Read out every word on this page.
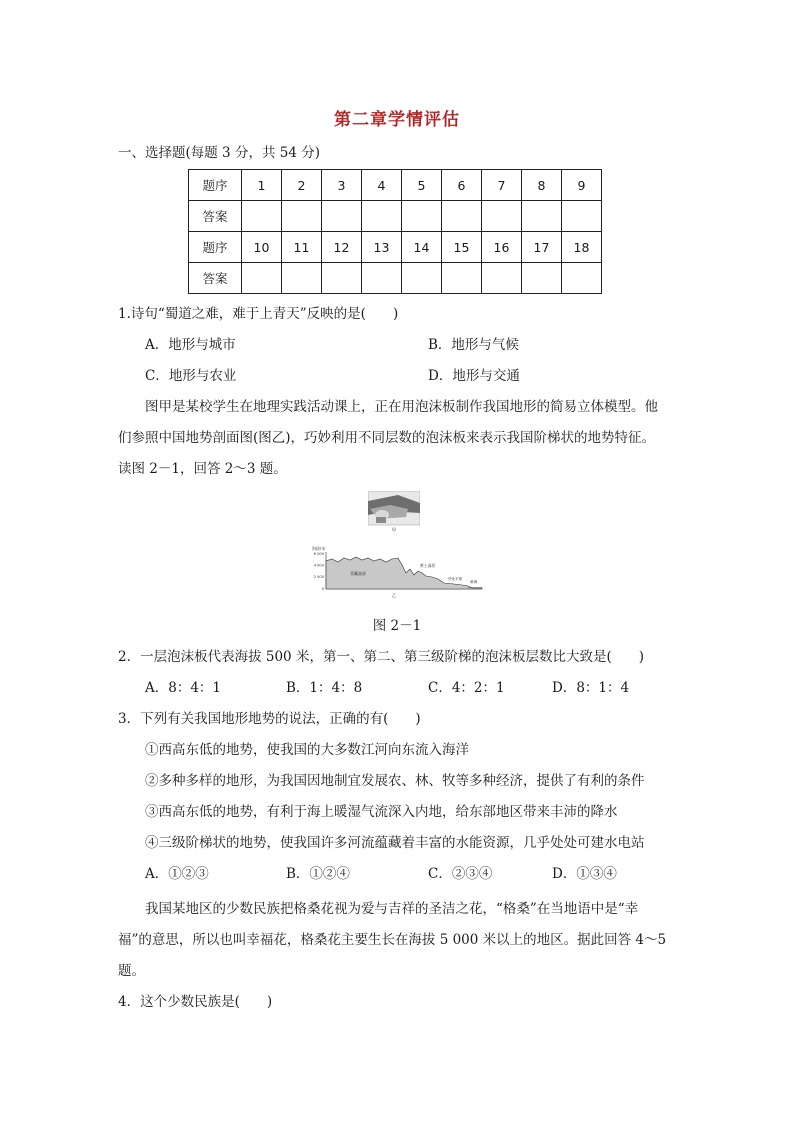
第二章学情评估
一、选择题(每题 3 分，共 54 分)
题序	1	2	3	4	5	6	7	8	9
答案									
题序	10	11	12	13	14	15	16	17	18
答案									
1.诗句“蜀道之难，难于上青天”反映的是(　　)
A．地形与城市	B．地形与气候
C．地形与农业	D．地形与交通
图甲是某校学生在地理实践活动课上，正在用泡沫板制作我国地形的简易立体模型。他
们参照中国地势剖面图(图乙)，巧妙利用不同层数的泡沫板来表示我国阶梯状的地势特征。
读图 2－1，回答 2～3 题。
甲
海拔/米
6 000
4 000
2 000
0
青藏高原
黄土高原
华北平原
黄海
乙
图 2－1
2．一层泡沫板代表海拔 500 米，第一、第二、第三级阶梯的泡沫板层数比大致是(　　)
A．8：4：1	B．1：4：8	C．4：2：1	D．8：1：4
3．下列有关我国地形地势的说法，正确的有(　　)
①西高东低的地势，使我国的大多数江河向东流入海洋
②多种多样的地形，为我国因地制宜发展农、林、牧等多种经济，提供了有利的条件
③西高东低的地势，有利于海上暖湿气流深入内地，给东部地区带来丰沛的降水
④三级阶梯状的地势，使我国许多河流蕴藏着丰富的水能资源，几乎处处可建水电站
A．①②③	B．①②④	C．②③④	D．①③④
我国某地区的少数民族把格桑花视为爱与吉祥的圣洁之花，“格桑”在当地语中是“幸
福”的意思，所以也叫幸福花，格桑花主要生长在海拔 5 000 米以上的地区。据此回答 4～5
题。
4．这个少数民族是(　　)
